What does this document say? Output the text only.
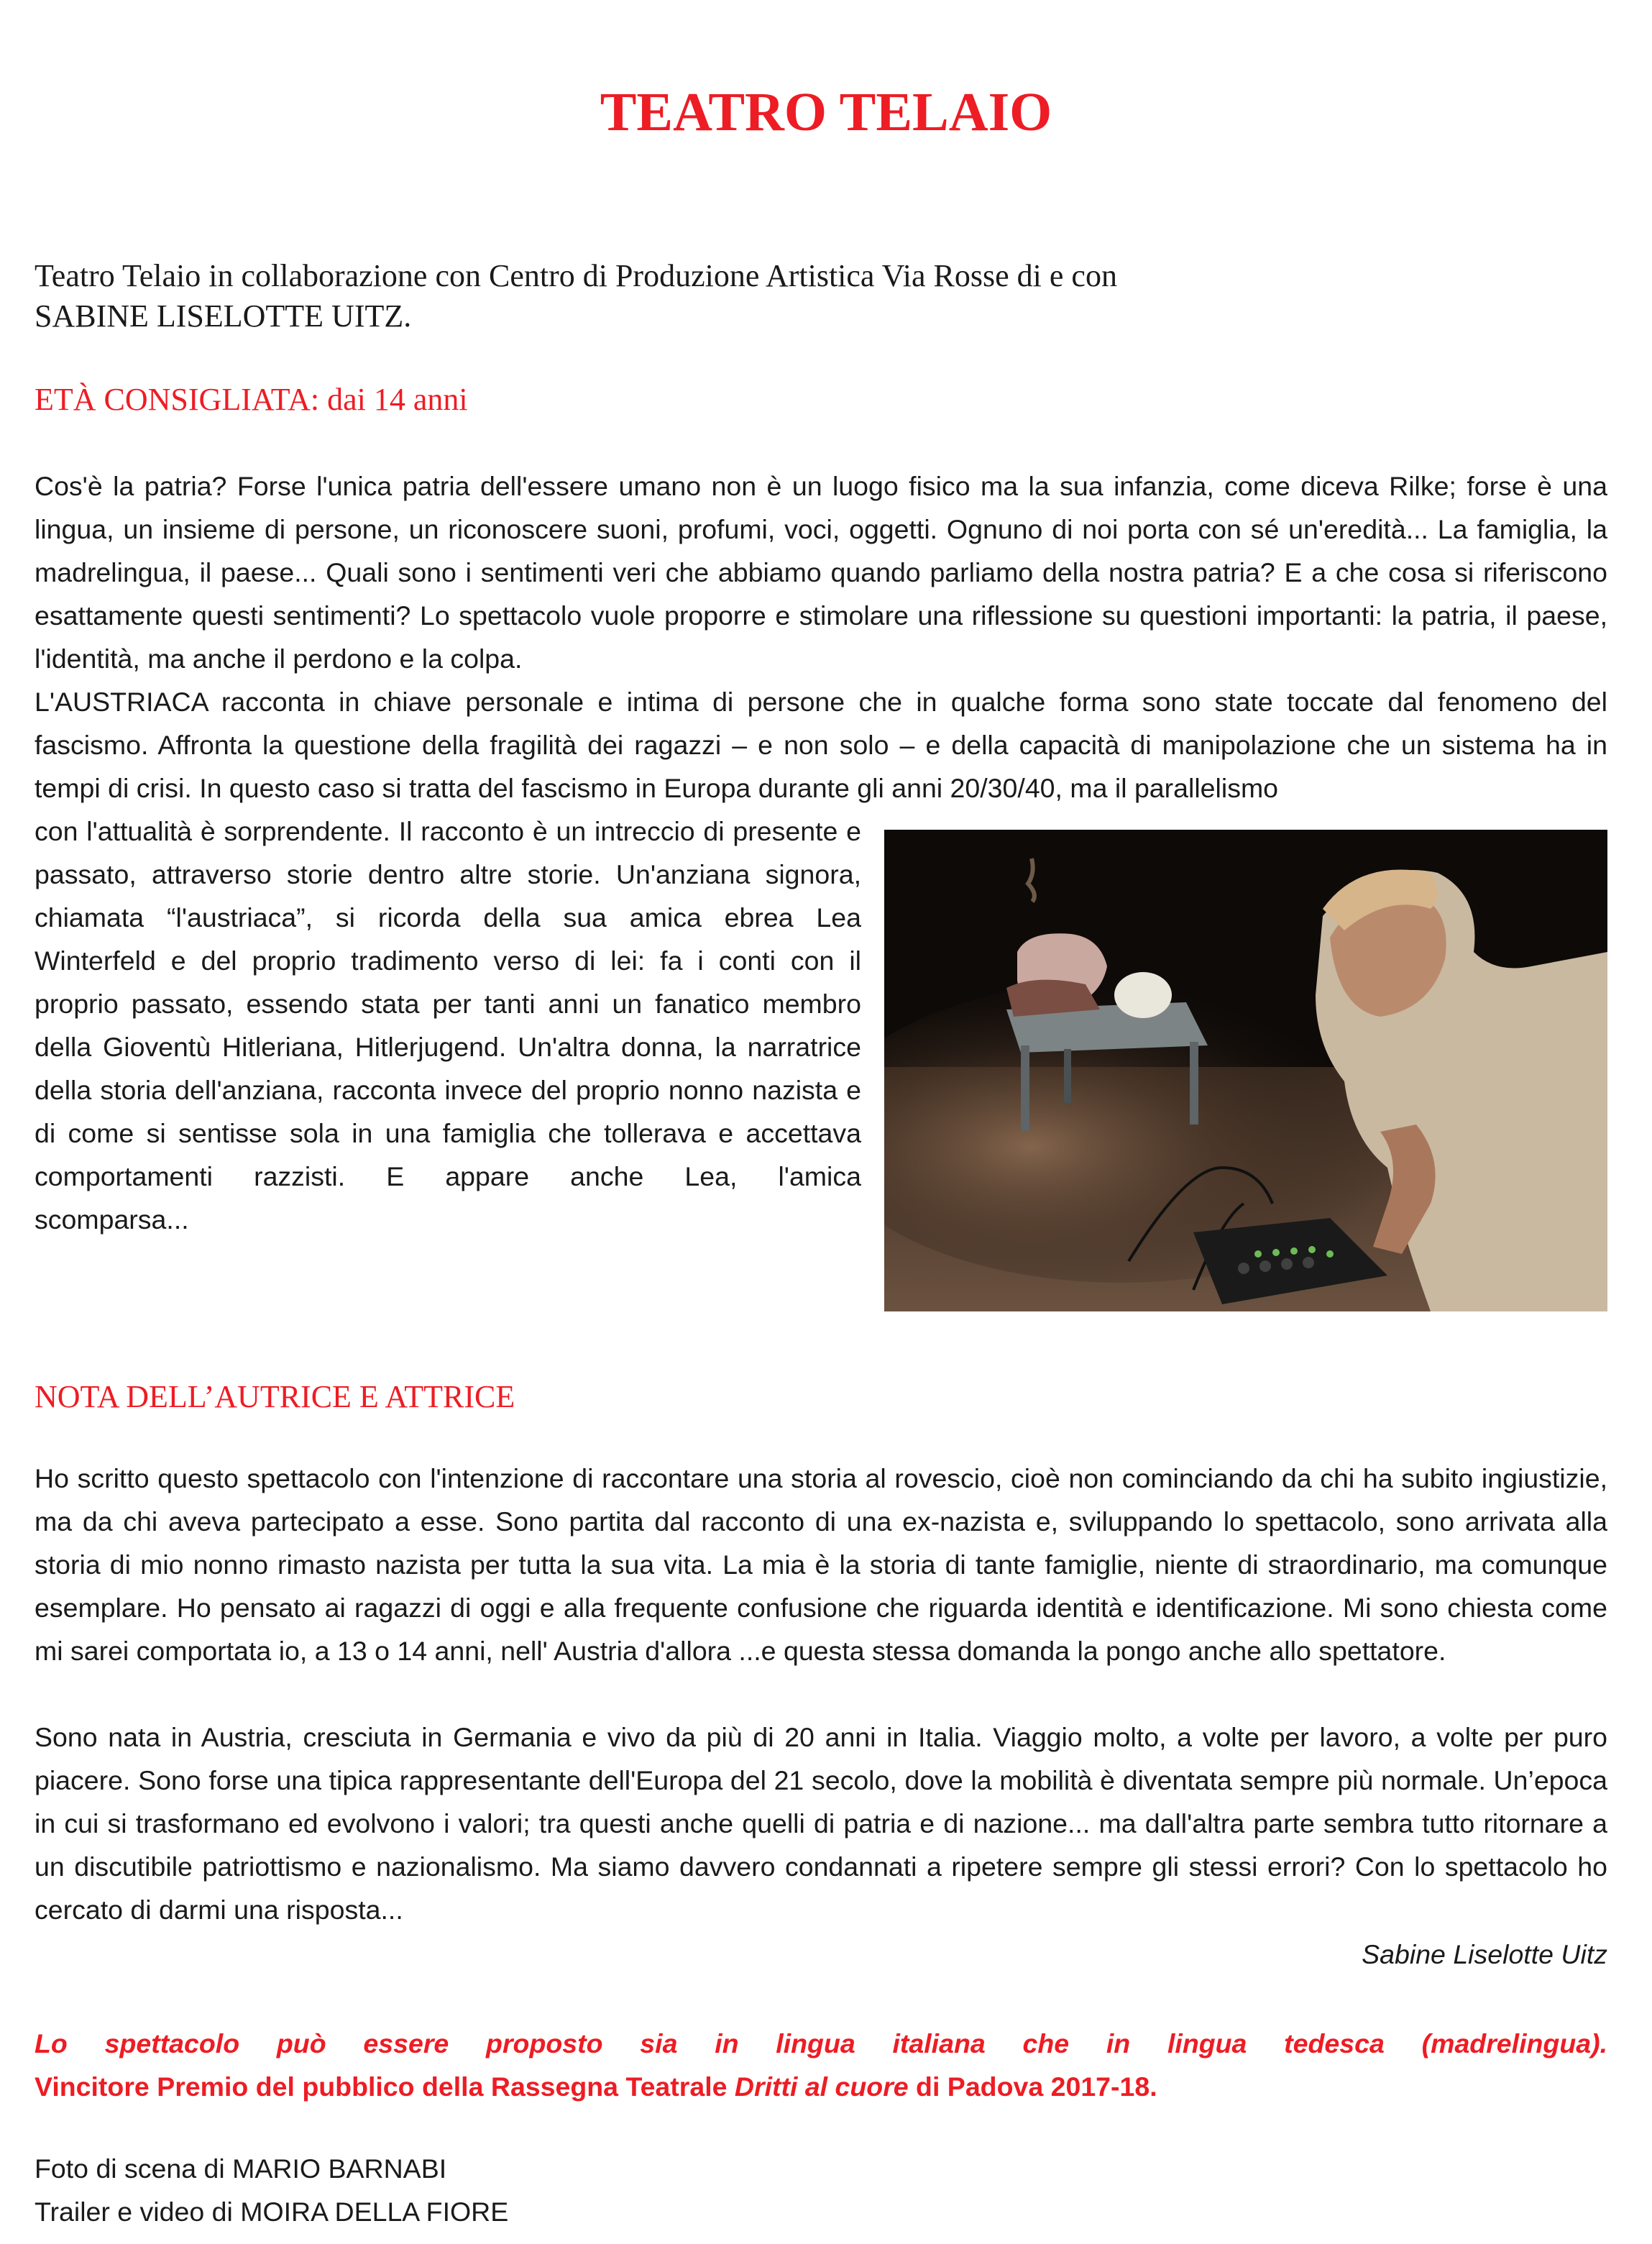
TEATRO TELAIO
Teatro Telaio in collaborazione con Centro di Produzione Artistica Via Rosse di e con
SABINE LISELOTTE UITZ.
ETÀ CONSIGLIATA: dai 14 anni

Cos'è la patria? Forse l'unica patria dell'essere umano non è un luogo fisico ma la sua infanzia, come diceva Rilke; forse è una lingua, un insieme di persone, un riconoscere suoni, profumi, voci, oggetti. Ognuno di noi porta con sé un'eredità... La famiglia, la madrelingua, il paese... Quali sono i sentimenti veri che abbiamo quando parliamo della nostra patria? E a che cosa si riferiscono esattamente questi sentimenti? Lo spettacolo vuole proporre e stimolare una riflessione su questioni importanti: la patria, il paese, l'identità, ma anche il perdono e la colpa.

L'AUSTRIACA racconta in chiave personale e intima di persone che in qualche forma sono state toccate dal fenomeno del fascismo. Affronta la questione della fragilità dei ragazzi – e non solo – e della capacità di manipolazione che un sistema ha in tempi di crisi. In questo caso si tratta del fascismo in Europa durante gli anni 20/30/40, ma il parallelismo

con l'attualità è sorprendente. Il racconto è un intreccio di presente e passato, attraverso storie dentro altre storie. Un'anziana signora, chiamata “l'austriaca”, si ricorda della sua amica ebrea Lea Winterfeld e del proprio tradimento verso di lei: fa i conti con il proprio passato, essendo stata per tanti anni un fanatico membro della Gioventù Hitleriana, Hitlerjugend. Un'altra donna, la narratrice della storia dell'anziana, racconta invece del proprio nonno nazista e di come si sentisse sola in una famiglia che tollerava e accettava comportamenti razzisti. E appare anche Lea, l'amica
scomparsa...

NOTA DELL’AUTRICE E ATTRICE

Ho scritto questo spettacolo con l'intenzione di raccontare una storia al rovescio, cioè non cominciando da chi ha subito ingiustizie, ma da chi aveva partecipato a esse. Sono partita dal racconto di una ex-nazista e, sviluppando lo spettacolo, sono arrivata alla storia di mio nonno rimasto nazista per tutta la sua vita. La mia è la storia di tante famiglie, niente di straordinario, ma comunque esemplare. Ho pensato ai ragazzi di oggi e alla frequente confusione che riguarda identità e identificazione. Mi sono chiesta come mi sarei comportata io, a 13 o 14 anni, nell' Austria d'allora ...e questa stessa domanda la pongo anche allo spettatore.

Sono nata in Austria, cresciuta in Germania e vivo da più di 20 anni in Italia. Viaggio molto, a volte per lavoro, a volte per puro piacere. Sono forse una tipica rappresentante dell'Europa del 21 secolo, dove la mobilità è diventata sempre più normale. Un’epoca in cui si trasformano ed evolvono i valori; tra questi anche quelli di patria e di nazione... ma dall'altra parte sembra tutto ritornare a un discutibile patriottismo e nazionalismo. Ma siamo davvero condannati a ripetere sempre gli stessi errori? Con lo spettacolo ho cercato di darmi una risposta...

Sabine Liselotte Uitz

Lo spettacolo può essere proposto sia in lingua italiana che in lingua tedesca (madrelingua).
Vincitore Premio del pubblico della Rassegna Teatrale Dritti al cuore di Padova 2017-18.

Foto di scena di MARIO BARNABI
Trailer e video di MOIRA DELLA FIORE
